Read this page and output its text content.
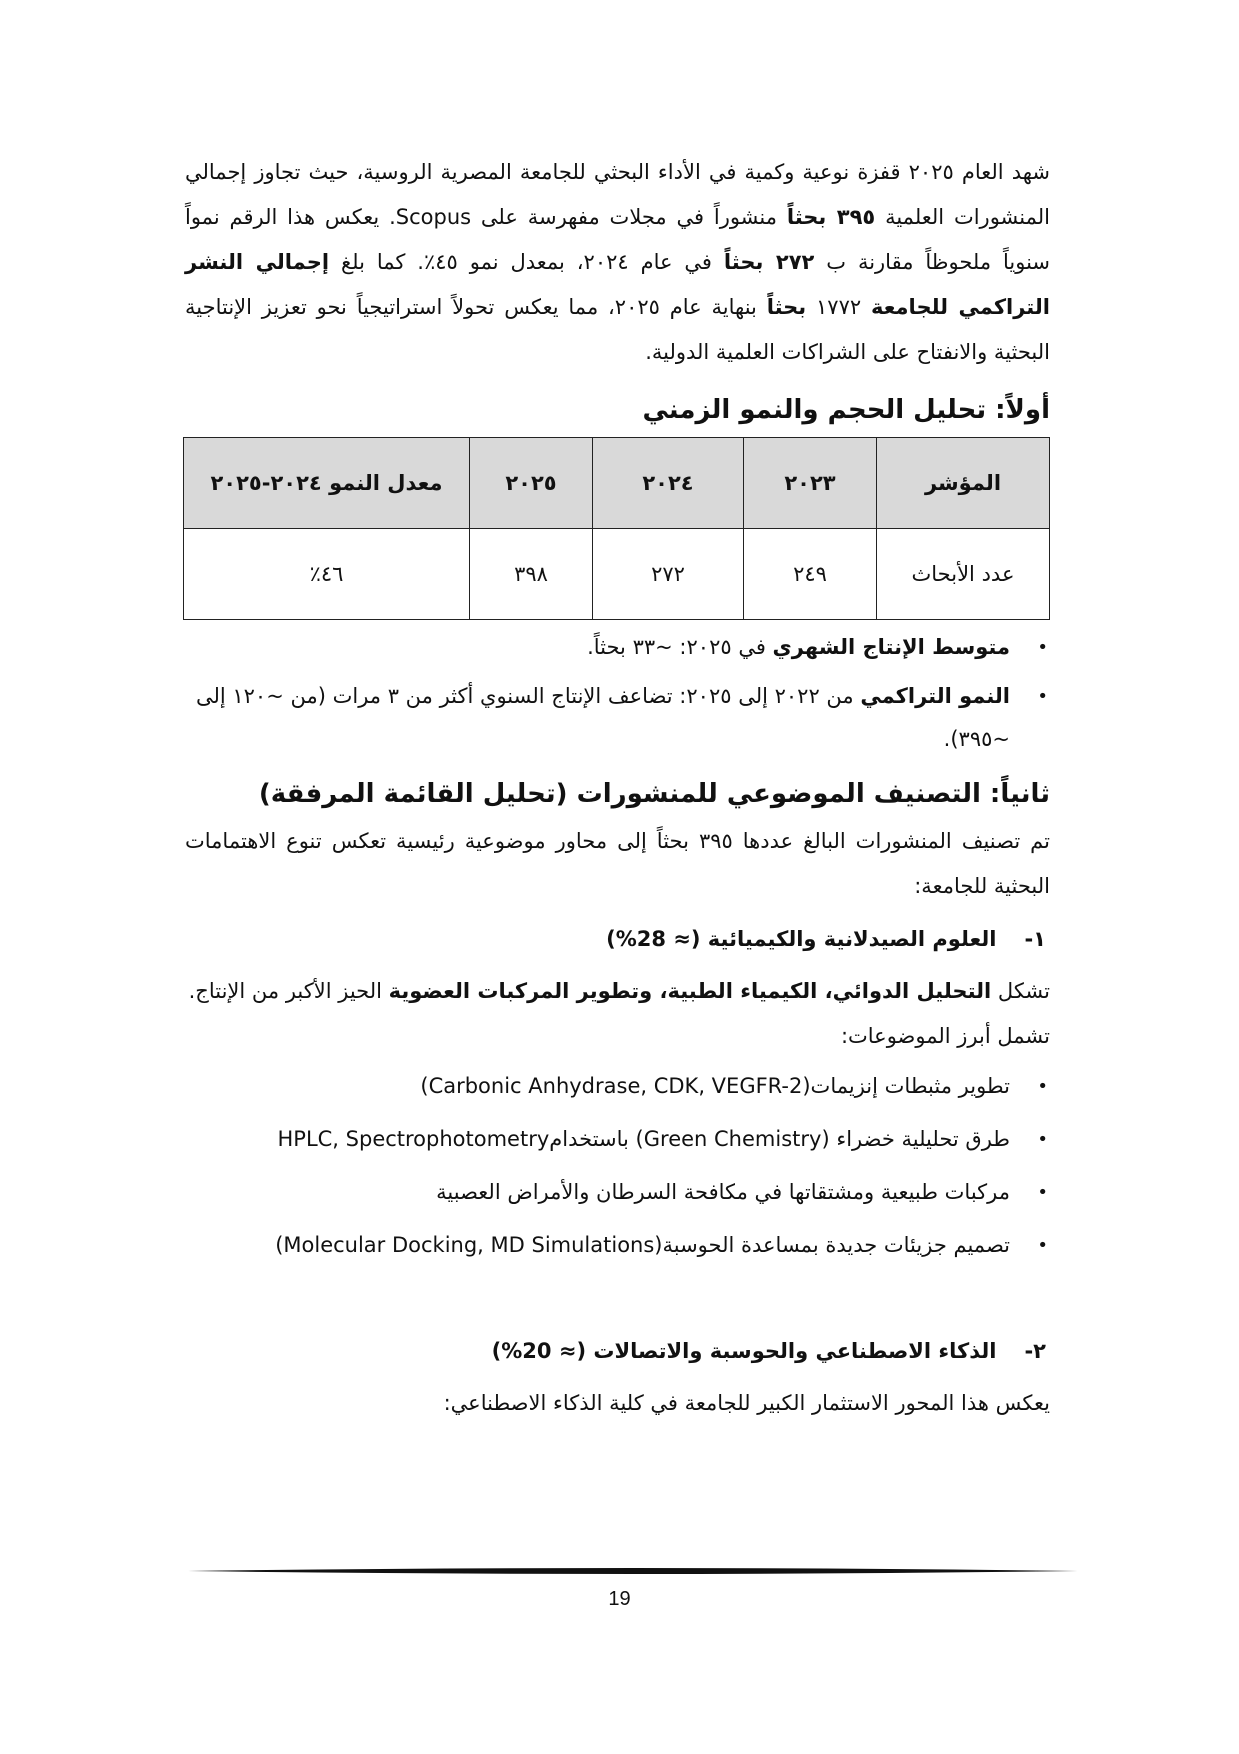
شهد العام ٢٠٢٥ قفزة نوعية وكمية في الأداء البحثي للجامعة المصرية الروسية، حيث تجاوز إجمالي المنشورات العلمية ٣٩٥ بحثاً منشوراً في مجلات مفهرسة على Scopus. يعكس هذا الرقم نمواً سنوياً ملحوظاً مقارنة ب ٢٧٢ بحثاً في عام ٢٠٢٤، بمعدل نمو ٤٥٪. كما بلغ إجمالي النشر التراكمي للجامعة ١٧٧٢ بحثاً بنهاية عام ٢٠٢٥، مما يعكس تحولاً استراتيجياً نحو تعزيز الإنتاجية البحثية والانفتاح على الشراكات العلمية الدولية.

أولاً: تحليل الحجم والنمو الزمني
المؤشر	٢٠٢٣	٢٠٢٤	٢٠٢٥	معدل النمو ٢٠٢٤-٢٠٢٥
عدد الأبحاث	٢٤٩	٢٧٢	٣٩٨	٤٦٪
• متوسط الإنتاج الشهري في ٢٠٢٥: ~٣٣ بحثاً.
• النمو التراكمي من ٢٠٢٢ إلى ٢٠٢٥: تضاعف الإنتاج السنوي أكثر من ٣ مرات (من ~١٢٠ إلى ~٣٩٥).
ثانياً: التصنيف الموضوعي للمنشورات (تحليل القائمة المرفقة)

تم تصنيف المنشورات البالغ عددها ٣٩٥ بحثاً إلى محاور موضوعية رئيسية تعكس تنوع الاهتمامات البحثية للجامعة:

١-
العلوم الصيدلانية والكيميائية (≈ 28%)

تشكل التحليل الدوائي، الكيمياء الطبية، وتطوير المركبات العضوية الحيز الأكبر من الإنتاج.

تشمل أبرز الموضوعات:

• تطوير مثبطات إنزيمات(Carbonic Anhydrase, CDK, VEGFR-2)
• طرق تحليلية خضراء (Green Chemistry) باستخدامHPLC, Spectrophotometry
• مركبات طبيعية ومشتقاتها في مكافحة السرطان والأمراض العصبية
• تصميم جزيئات جديدة بمساعدة الحوسبة(Molecular Docking, MD Simulations)
٢-
الذكاء الاصطناعي والحوسبة والاتصالات (≈ 20%)

يعكس هذا المحور الاستثمار الكبير للجامعة في كلية الذكاء الاصطناعي:

19
